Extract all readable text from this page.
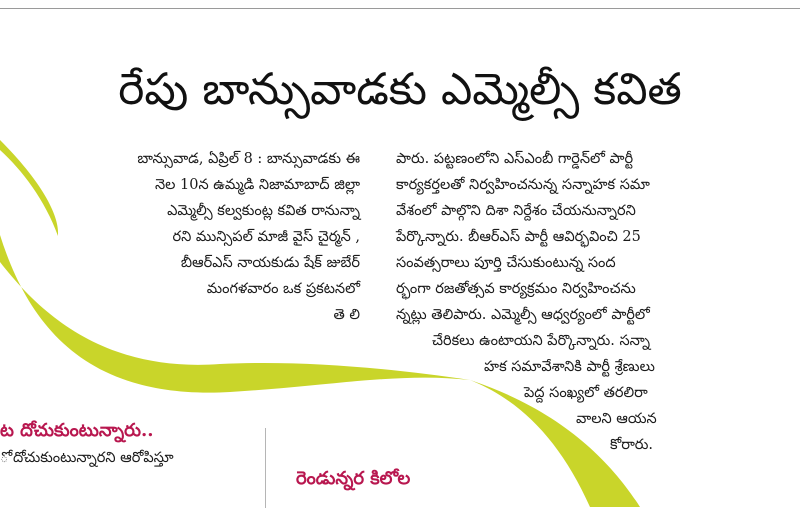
రేపు బాన్సువాడకు ఎమ్మెల్సీ కవిత

బాన్సువాడ, ఏప్రిల్ 8 : బాన్సువాడకు ఈ

నెల 10న ఉమ్మడి నిజామాబాద్ జిల్లా

ఎమ్మెల్సీ కల్వకుంట్ల కవిత రానున్నా

రని మున్సిపల్ మాజీ వైస్ చైర్మన్ ,

బీఆర్ఎస్ నాయకుడు షేక్ జుబేర్

మంగళవారం ఒక ప్రకటనలో

తె లి

పారు. పట్టణంలోని ఎస్ఎంబీ గార్డెన్‌లో పార్టీ

కార్యకర్తలతో నిర్వహించనున్న సన్నాహక సమా

వేశంలో పాల్గొని దిశా నిర్దేశం చేయనున్నారని

పేర్కొన్నారు. బీఆర్ఎస్ పార్టీ ఆవిర్భవించి 25

సంవత్సరాలు పూర్తి చేసుకుంటున్న సంద

ర్భంగా రజతోత్సవ కార్యక్రమం నిర్వహించను

న్నట్లు తెలిపారు. ఎమ్మెల్సీ ఆధ్వర్యంలో పార్టీలో

చేరికలు ఉంటాయని పేర్కొన్నారు. సన్నా

హక సమావేశానికి పార్టీ శ్రేణులు

పెద్ద సంఖ్యలో తరలిరా

వాలని ఆయన

కోరారు.

ట దోచుకుంటున్నారు..
ో దోచుకుంటున్నారని ఆరోపిస్తూ
రెండున్నర కిలోల
